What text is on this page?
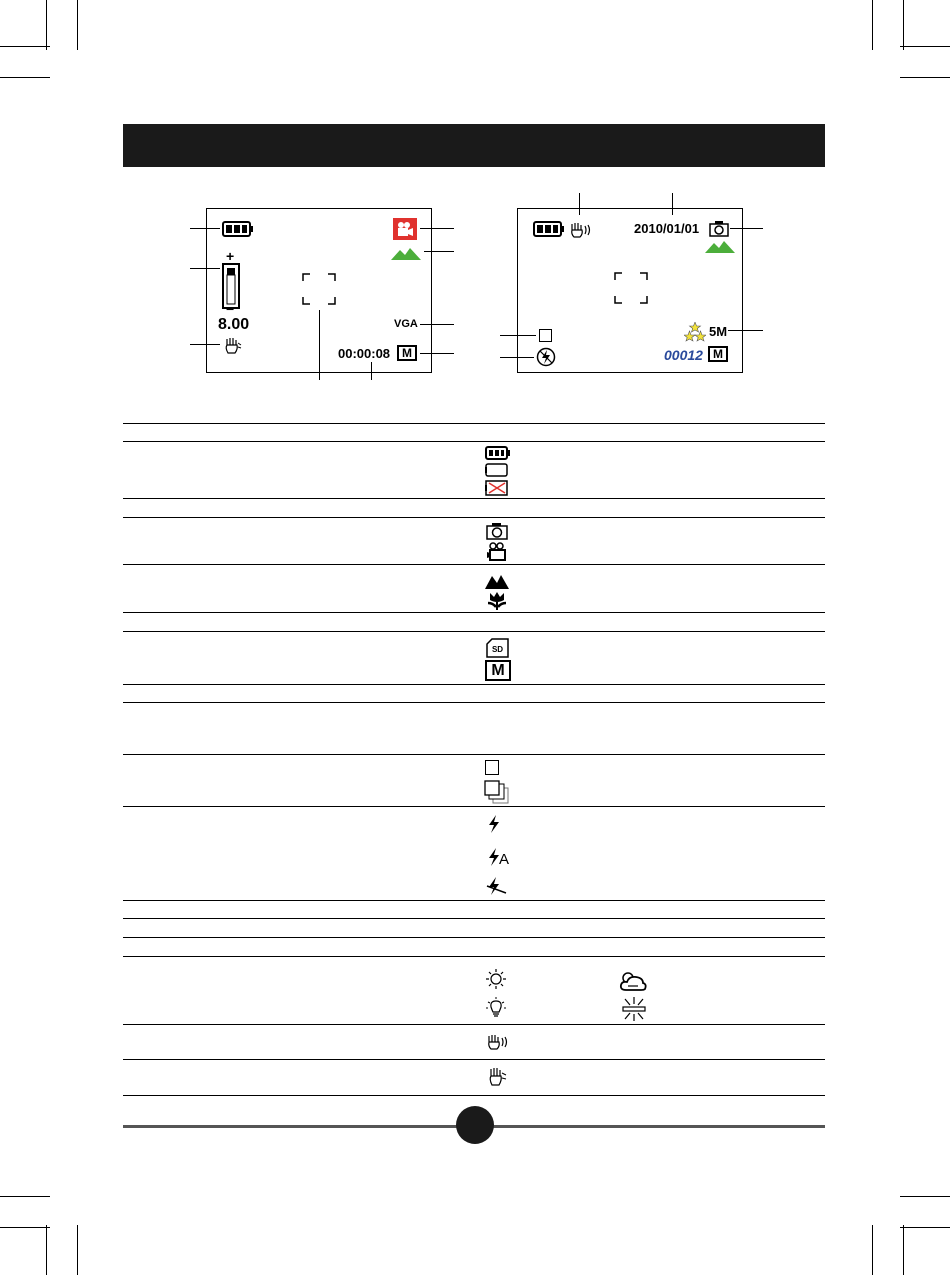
+
−
8.00	VGA
00:00:08 M
2010/01/01
5M
00012 M
SD
M
A
